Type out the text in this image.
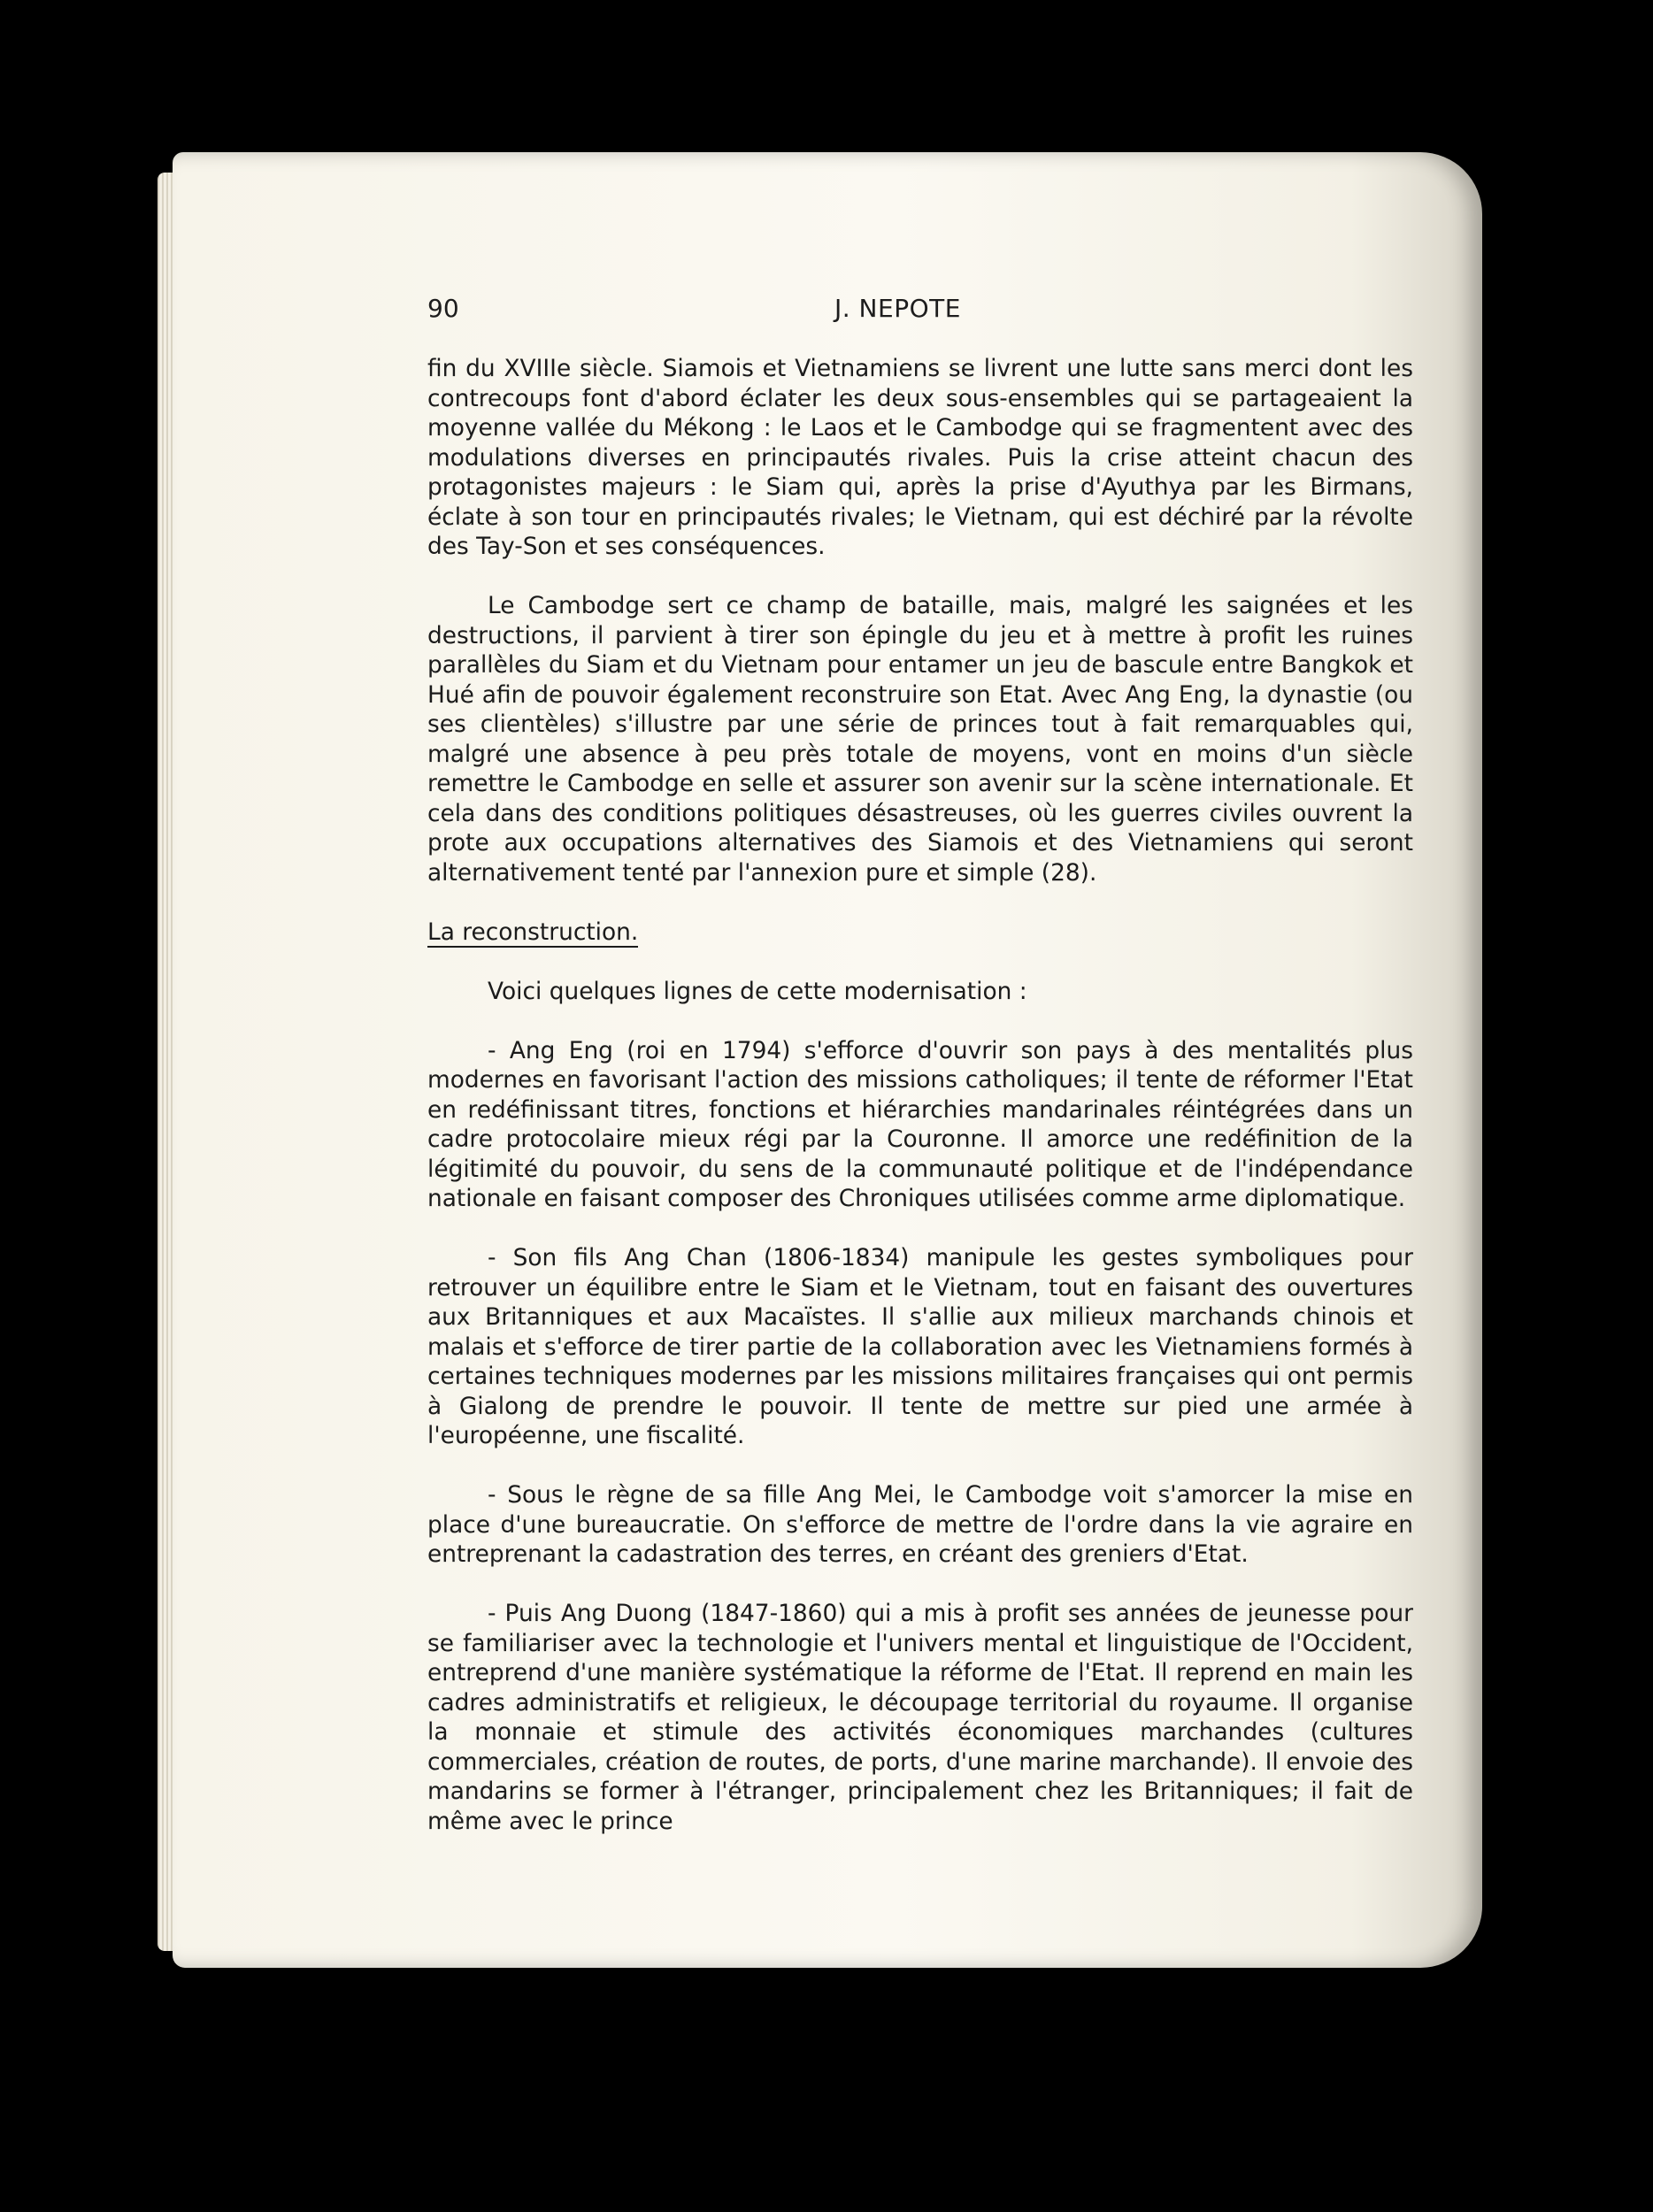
90	J. NEPOTE

fin du XVIIIe siècle. Siamois et Vietnamiens se livrent une lutte sans merci dont les contrecoups font d'abord éclater les deux sous-ensembles qui se partageaient la moyenne vallée du Mékong : le Laos et le Cambodge qui se fragmentent avec des modulations diverses en principautés rivales. Puis la crise atteint chacun des protagonistes majeurs : le Siam qui, après la prise d'Ayuthya par les Birmans, éclate à son tour en principautés rivales; le Vietnam, qui est déchiré par la révolte des Tay-Son et ses conséquences.

Le Cambodge sert ce champ de bataille, mais, malgré les saignées et les destructions, il parvient à tirer son épingle du jeu et à mettre à profit les ruines parallèles du Siam et du Vietnam pour entamer un jeu de bascule entre Bangkok et Hué afin de pouvoir également reconstruire son Etat. Avec Ang Eng, la dynastie (ou ses clientèles) s'illustre par une série de princes tout à fait remarquables qui, malgré une absence à peu près totale de moyens, vont en moins d'un siècle remettre le Cambodge en selle et assurer son avenir sur la scène internationale. Et cela dans des conditions politiques désastreuses, où les guerres civiles ouvrent la prote aux occupations alternatives des Siamois et des Vietnamiens qui seront alternativement tenté par l'annexion pure et simple (28).

La reconstruction.

Voici quelques lignes de cette modernisation :

- Ang Eng (roi en 1794) s'efforce d'ouvrir son pays à des mentalités plus modernes en favorisant l'action des missions catholiques; il tente de réformer l'Etat en redéfinissant titres, fonctions et hiérarchies mandarinales réintégrées dans un cadre protocolaire mieux régi par la Couronne. Il amorce une redéfinition de la légitimité du pouvoir, du sens de la communauté politique et de l'indépendance nationale en faisant composer des Chroniques utilisées comme arme diplomatique.

- Son fils Ang Chan (1806-1834) manipule les gestes symboliques pour retrouver un équilibre entre le Siam et le Vietnam, tout en faisant des ouvertures aux Britanniques et aux Macaïstes. Il s'allie aux milieux marchands chinois et malais et s'efforce de tirer partie de la collaboration avec les Vietnamiens formés à certaines techniques modernes par les missions militaires françaises qui ont permis à Gialong de prendre le pouvoir. Il tente de mettre sur pied une armée à l'européenne, une fiscalité.

- Sous le règne de sa fille Ang Mei, le Cambodge voit s'amorcer la mise en place d'une bureaucratie. On s'efforce de mettre de l'ordre dans la vie agraire en entreprenant la cadastration des terres, en créant des greniers d'Etat.

- Puis Ang Duong (1847-1860) qui a mis à profit ses années de jeunesse pour se familiariser avec la technologie et l'univers mental et linguistique de l'Occident, entreprend d'une manière systématique la réforme de l'Etat. Il reprend en main les cadres administratifs et religieux, le découpage territorial du royaume. Il organise la monnaie et stimule des activités économiques marchandes (cultures commerciales, création de routes, de ports, d'une marine marchande). Il envoie des mandarins se former à l'étranger, principalement chez les Britanniques; il fait de même avec le prince
